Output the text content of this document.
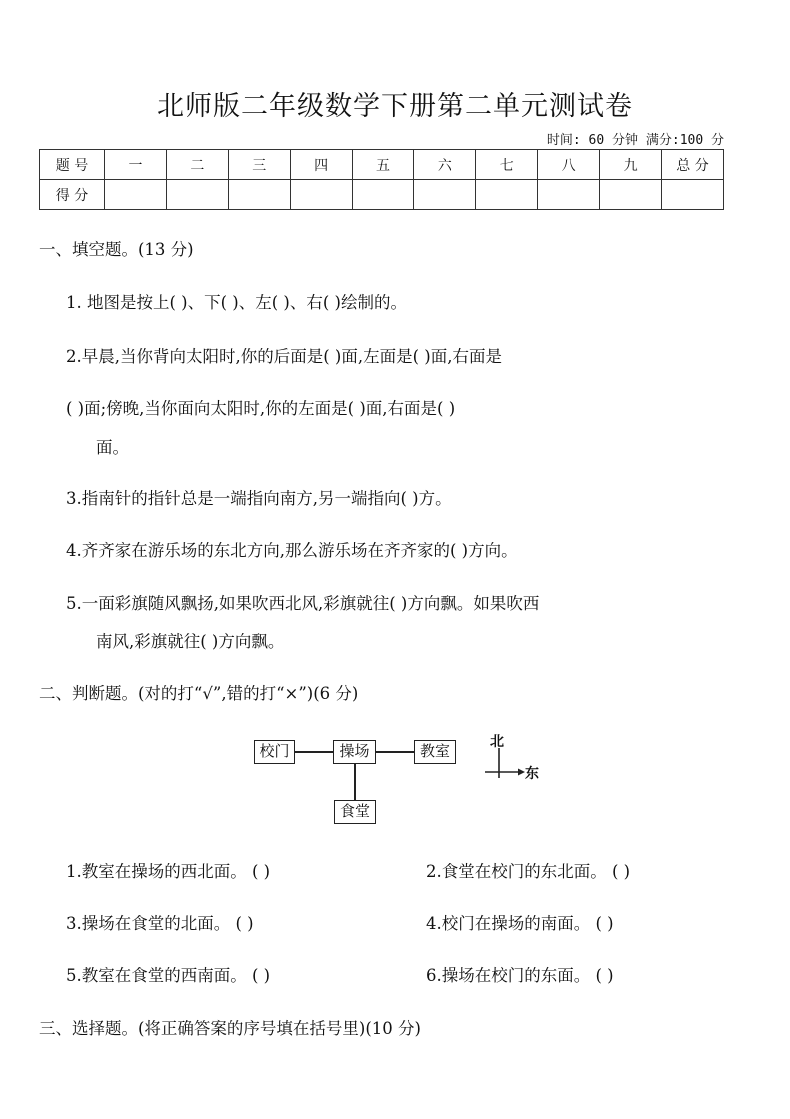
北师版二年级数学下册第二单元测试卷
时间: 60 分钟 满分:100 分
题 号	一	二	三	四	五	六	七	八	九	总 分
得 分										
一、填空题。(13 分)
1. 地图是按上( )、下( )、左( )、右( )绘制的。
2.早晨,当你背向太阳时,你的后面是( )面,左面是( )面,右面是
( )面;傍晚,当你面向太阳时,你的左面是( )面,右面是( )
面。
3.指南针的指针总是一端指向南方,另一端指向( )方。
4.齐齐家在游乐场的东北方向,那么游乐场在齐齐家的( )方向。
5.一面彩旗随风飘扬,如果吹西北风,彩旗就往( )方向飘。如果吹西
南风,彩旗就往( )方向飘。
二、判断题。(对的打“√”,错的打“×”)(6 分)
校门	操场	教室
食堂
北
东
1.教室在操场的西北面。 ( )	2.食堂在校门的东北面。 ( )
3.操场在食堂的北面。 ( )	4.校门在操场的南面。 ( )
5.教室在食堂的西南面。 ( )	6.操场在校门的东面。 ( )
三、选择题。(将正确答案的序号填在括号里)(10 分)
